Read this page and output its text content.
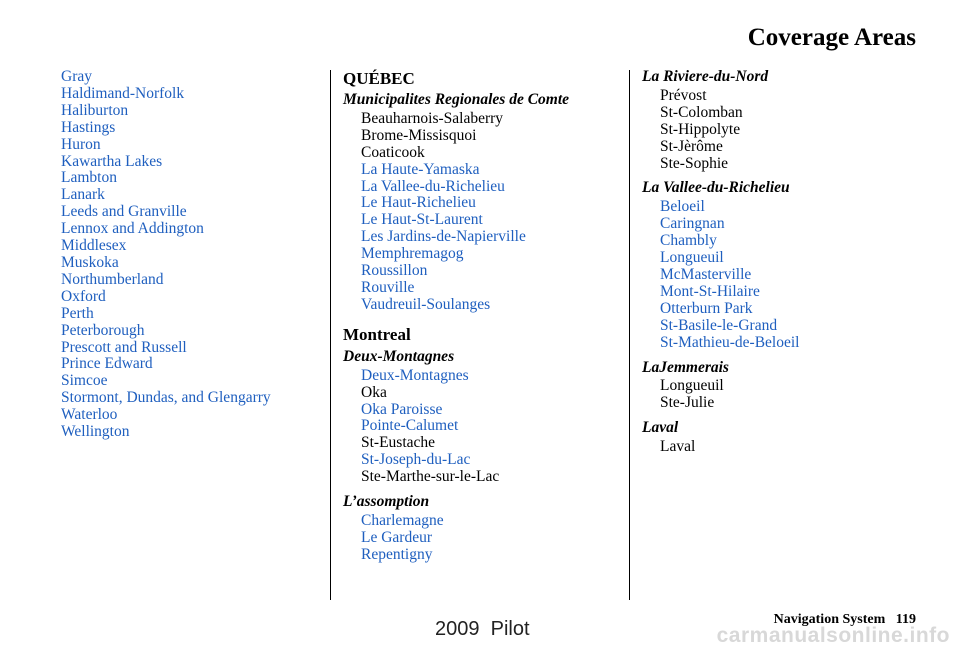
Coverage Areas
Gray
Haldimand-Norfolk
Haliburton
Hastings
Huron
Kawartha Lakes
Lambton
Lanark
Leeds and Granville
Lennox and Addington
Middlesex
Muskoka
Northumberland
Oxford
Perth
Peterborough
Prescott and Russell
Prince Edward
Simcoe
Stormont, Dundas, and Glengarry
Waterloo
Wellington
QUÉBEC
Municipalites Regionales de Comte
Beauharnois-Salaberry
Brome-Missisquoi
Coaticook
La Haute-Yamaska
La Vallee-du-Richelieu
Le Haut-Richelieu
Le Haut-St-Laurent
Les Jardins-de-Napierville
Memphremagog
Roussillon
Rouville
Vaudreuil-Soulanges
Montreal
Deux-Montagnes
Deux-Montagnes
Oka
Oka Paroisse
Pointe-Calumet
St-Eustache
St-Joseph-du-Lac
Ste-Marthe-sur-le-Lac
L’assomption
Charlemagne
Le Gardeur
Repentigny
La Riviere-du-Nord
Prévost
St-Colomban
St-Hippolyte
St-Jèrôme
Ste-Sophie
La Vallee-du-Richelieu
Beloeil
Caringnan
Chambly
Longueuil
McMasterville
Mont-St-Hilaire
Otterburn Park
St-Basile-le-Grand
St-Mathieu-de-Beloeil
LaJemmerais
Longueuil
Ste-Julie
Laval
Laval
Navigation System 119
2009  Pilot	carmanualsonline.info
